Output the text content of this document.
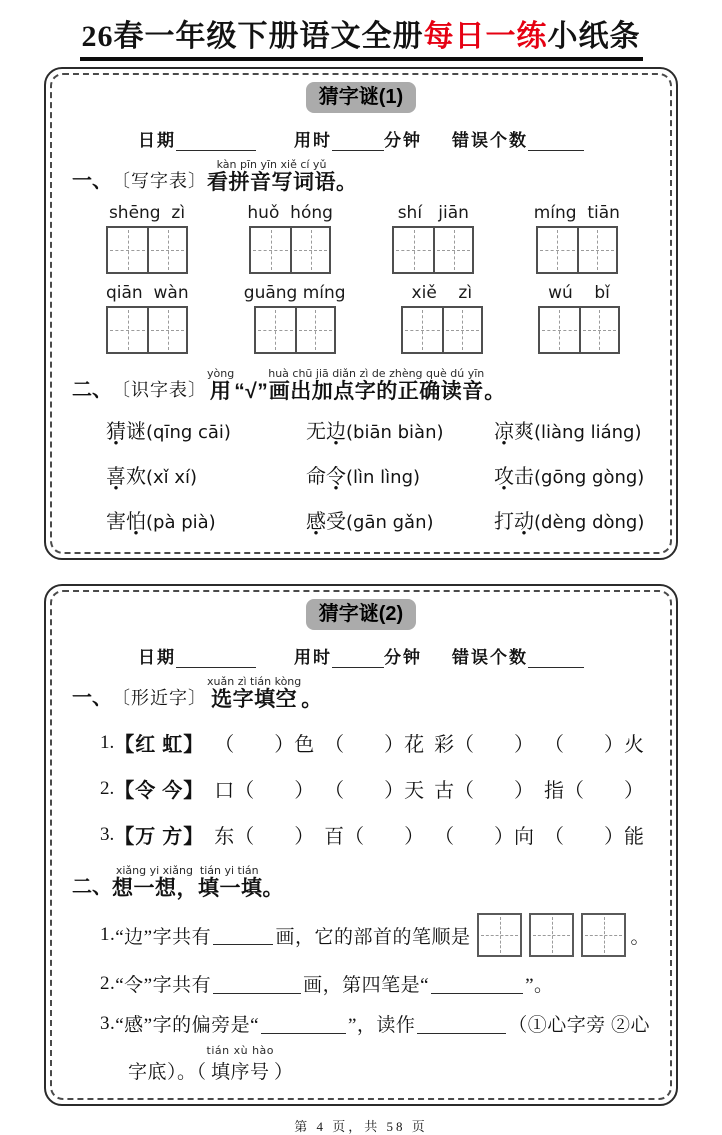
26春一年级下册语文全册每日一练小纸条
猜字谜(1)
日期	用时	分钟 错误个数
一、 〔写字表〕
kàn pīn yīn xiě cí yǔ
看拼音写词语 。
shēng  zì	huǒ  hóng	shí   jiān	míng  tiān
qiān  wàn	guāng míng	xiě    zì	wú    bǐ
二、 〔识字表〕
yòng
用 “√”
huà chū jiā diǎn zì de zhèng què dú yīn
画出加点字的正确读音 。
猜谜(qīng cāi)	无边(biān biàn)	凉爽(liàng liáng)
喜欢(xǐ xí)	命令(lìn lìng)	攻击(gōng gòng)
害怕(pà pià)	感受(gān gǎn)	打动(dèng dòng)
猜字谜(2)
日期	用时	分钟 错误个数
一、 〔形近字〕
xuǎn zì tián kòng
选字填空 。
1. 【红 虹】 （　　）色 （　　）花 彩（　　） （　　）火
2. 【令 今】 口（　　） （　　）天 古（　　） 指（　　）
3. 【万 方】 东（　　） 百（　　） （　　）向 （　　）能
二、
xiǎng yi xiǎng  tián yi tián
想一想，填一填 。
1. “边”字共有	画，它的部首的笔顺是	。
2. “令”字共有	画，第四笔是“	”。
3. “感”字的偏旁是“	”，读作	（①心字旁 ②心
字底）。（
tián xù hào
填序号 ）
第 4 页，共 58 页
